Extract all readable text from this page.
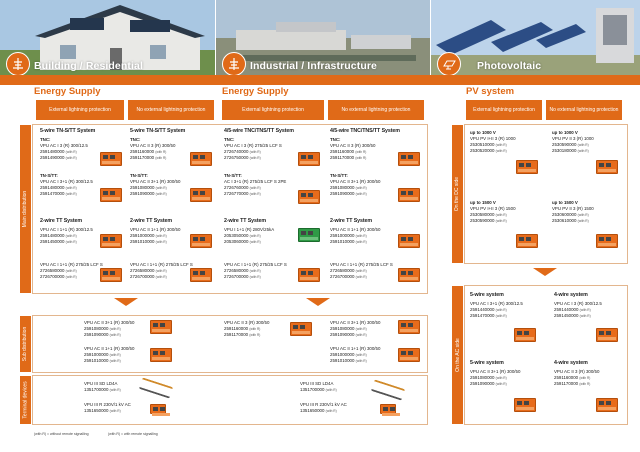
Building / Residential	Industrial / Infrastructure	Photovoltaic
Energy Supply	Energy Supply	PV system
External lightning protection	No external lightning protection	External lightning protection	No external lightning protection	External lightning protection	No external lightning protection
Main distribution
Sub distribution
Terminal devices
On the DC side
On the AC side
5-wire TN-S/TT System
TNC:
VPU AC I 3 (R) 300/12.5
2591480000 (with R)
2591490000 (with R)
TN-S/TT:
VPU AC I 3+1 (R) 300/12.5
2591480000 (with R)
2591470000 (with R)
2-wire TT System
VPU AC I 1+1 (R) 300/12.5
2591480000 (with R)
2591450000 (with R)
VPU AC I 1+1 (R) 275/25 LCF S
2726580000 (with R)
2726700000 (with R)
5-wire TN-S/TT System
TNC:
VPU AC II 3 (R) 300/50
2591160000 (with R)
2591170000 (with R)
TN-S/TT:
VPU AC II 3+1 (R) 300/50
2591080000 (with R)
2591090000 (with R)
2-wire TT System
VPU AC II 1+1 (R) 300/50
2591000000 (with R)
2591010000 (with R)
VPU AC I 1+1 (R) 275/25 LCF S
2726580000 (with R)
2726700000 (with R)
4/5-wire TNC/TNS/TT System
TNC:
VPU AC I 3 (R) 275/25 LCF S
2726740000 (with R)
2726750000 (with R)
TN-S/TT:
AC I 3+1 (R) 275/25 LCF S 2PE
2726760000 (with R)
2726770000 (with R)
2-wire TT System
VPU I 1+1 (R) 280V/25kA
2053050000 (with R)
2053060000 (with R)
VPU AC I 1+1 (R) 275/25 LCF S
2726580000 (with R)
2726700000 (with R)
4/5-wire TNC/TNS/TT System
TNC:
VPU AC II 3 (R) 300/50
2591160000 (with R)
2591170000 (with R)
TN-S/TT:
VPU AC II 3+1 (R) 300/50
2591080000 (with R)
2591090000 (with R)
2-wire TT System
VPU AC II 1+1 (R) 300/50
2591000000 (with R)
2591010000 (with R)
VPU AC I 1+1 (R) 275/25 LCF S
2726580000 (with R)
2726700000 (with R)
VPU AC II 3+1 (R) 300/50
2591080000 (with R)
2591090000 (with R)
VPU AC II 1+1 (R) 300/50
2591000000 (with R)
2591010000 (with R)
VPU AC II 3 (R) 300/50
2591160000 (with R)
2591170000 (with R)
VPU AC II 3+1 (R) 300/50
2591080000 (with R)
2591090000 (with R)
VPU AC II 1+1 (R) 300/50
2591000000 (with R)
2591010000 (with R)
VPU III SD LD4A
1351700000 (with R)
VPU III R 230V/1 kV AC
1351650000 (with R)
VPU III SD LD4A
1351700000 (with R)
VPU III R 230V/1 kV AC
1351650000 (with R)
up to 1000 V
VPU PV I+II 3 (R) 1000
2530510000 (with R)
2530520000 (with R)
up to 1000 V
VPU PV II 3 (R) 1000
2530590000 (with R)
2530180000 (with R)
up to 1500 V
VPU PV I+II 3 (R) 1500
2530580000 (with R)
2530590000 (with R)
up to 1500 V
VPU PV II 3 (R) 1500
2530600000 (with R)
2530610000 (with R)
5-wire system
VPU AC I 3+1 (R) 300/12.5
2591440000 (with R)
2591470000 (with R)
4-wire system
VPU AC I 3 (R) 300/12.5
2591440000 (with R)
2591450000 (with R)
5-wire system
VPU AC II 3+1 (R) 300/50
2591080000 (with R)
2591090000 (with R)
4-wire system
VPU AC II 3 (R) 300/50
2591160000 (with R)
2591170000 (with R)
(with R) = without remote signalling	(with R) = with remote signalling
